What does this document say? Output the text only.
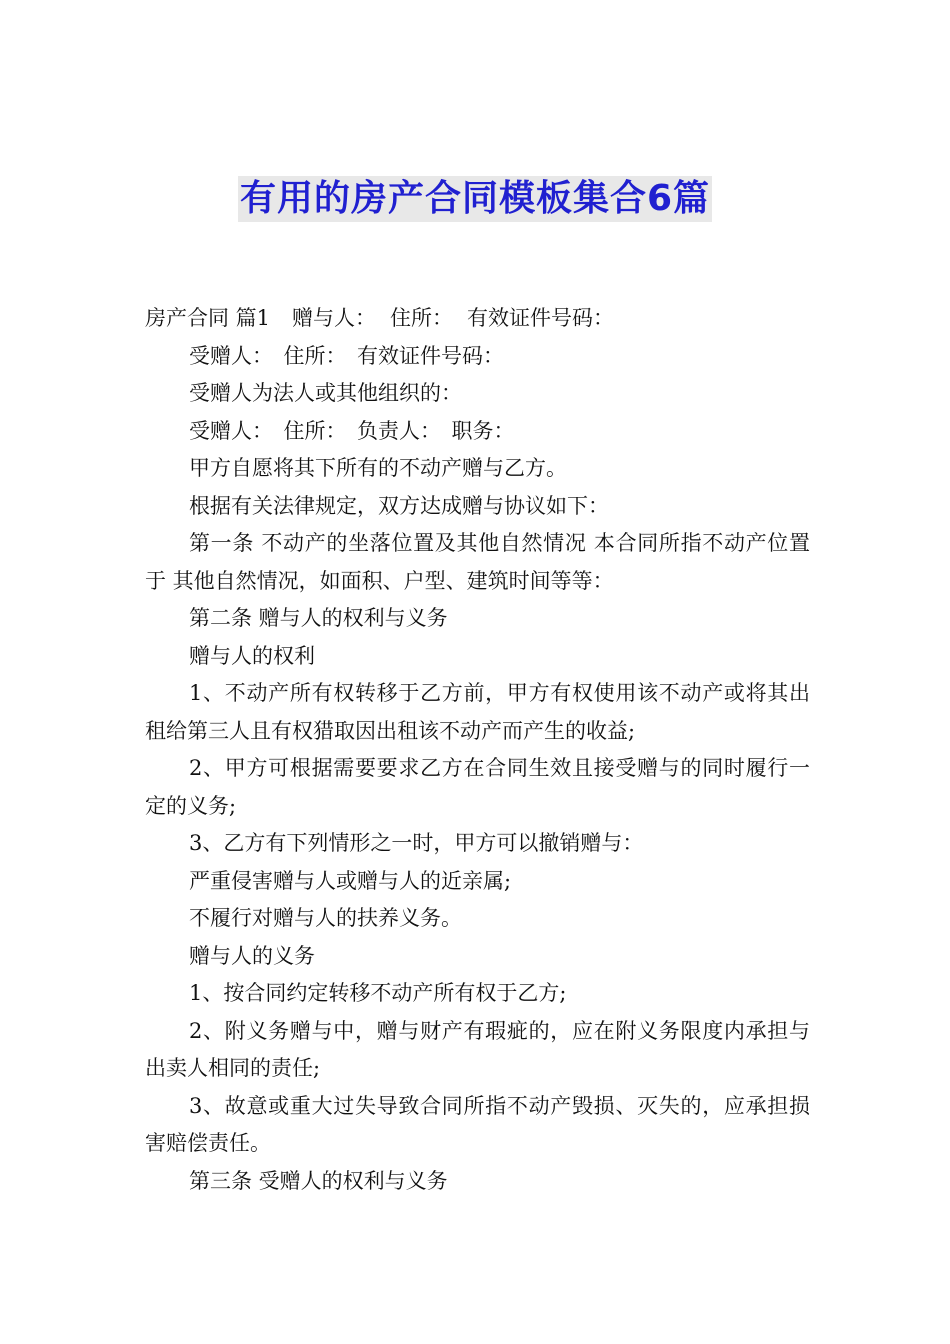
有用的房产合同模板集合6篇

房产合同 篇1 赠与人： 住所： 有效证件号码：

受赠人：　住所：　有效证件号码：

受赠人为法人或其他组织的：

受赠人：　住所：　负责人：　职务：

甲方自愿将其下所有的不动产赠与乙方。

根据有关法律规定，双方达成赠与协议如下：

第一条 不动产的坐落位置及其他自然情况 本合同所指不动产位置于 其他自然情况，如面积、户型、建筑时间等等：

第二条 赠与人的权利与义务

赠与人的权利

1、不动产所有权转移于乙方前，甲方有权使用该不动产或将其出租给第三人且有权猎取因出租该不动产而产生的收益;

2、甲方可根据需要要求乙方在合同生效且接受赠与的同时履行一定的义务;

3、乙方有下列情形之一时，甲方可以撤销赠与：

严重侵害赠与人或赠与人的近亲属;

不履行对赠与人的扶养义务。

赠与人的义务

1、按合同约定转移不动产所有权于乙方;

2、附义务赠与中，赠与财产有瑕疵的，应在附义务限度内承担与出卖人相同的责任;

3、故意或重大过失导致合同所指不动产毁损、灭失的，应承担损害赔偿责任。

第三条 受赠人的权利与义务
